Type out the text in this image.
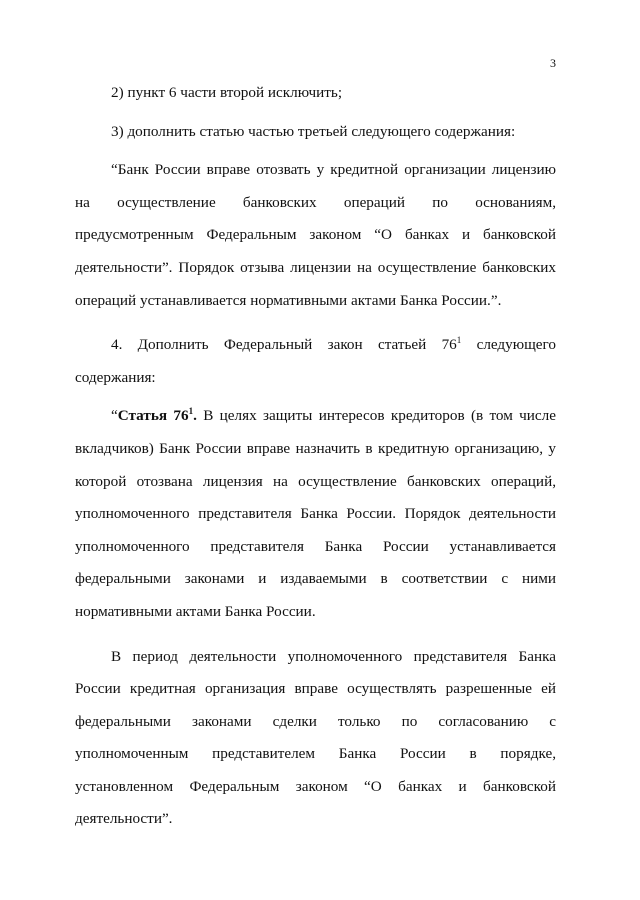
3

2) пункт 6 части второй исключить;

3) дополнить статью частью третьей следующего содержания:

“Банк России вправе отозвать у кредитной организации лицензию на осуществление банковских операций по основаниям, предусмотренным Федеральным законом “О банках и банковской деятельности”. Порядок отзыва лицензии на осуществление банковских операций устанавливается нормативными актами Банка России.”.

4. Дополнить Федеральный закон статьей $76^1$ следующего содержания:

“Статья $76^1$. В целях защиты интересов кредиторов (в том числе вкладчиков) Банк России вправе назначить в кредитную организацию, у которой отозвана лицензия на осуществление банковских операций, уполномоченного представителя Банка России. Порядок деятельности уполномоченного представителя Банка России устанавливается федеральными законами и издаваемыми в соответствии с ними нормативными актами Банка России.

В период деятельности уполномоченного представителя Банка России кредитная организация вправе осуществлять разрешенные ей федеральными законами сделки только по согласованию с уполномоченным представителем Банка России в порядке, установленном Федеральным законом “О банках и банковской деятельности”.
